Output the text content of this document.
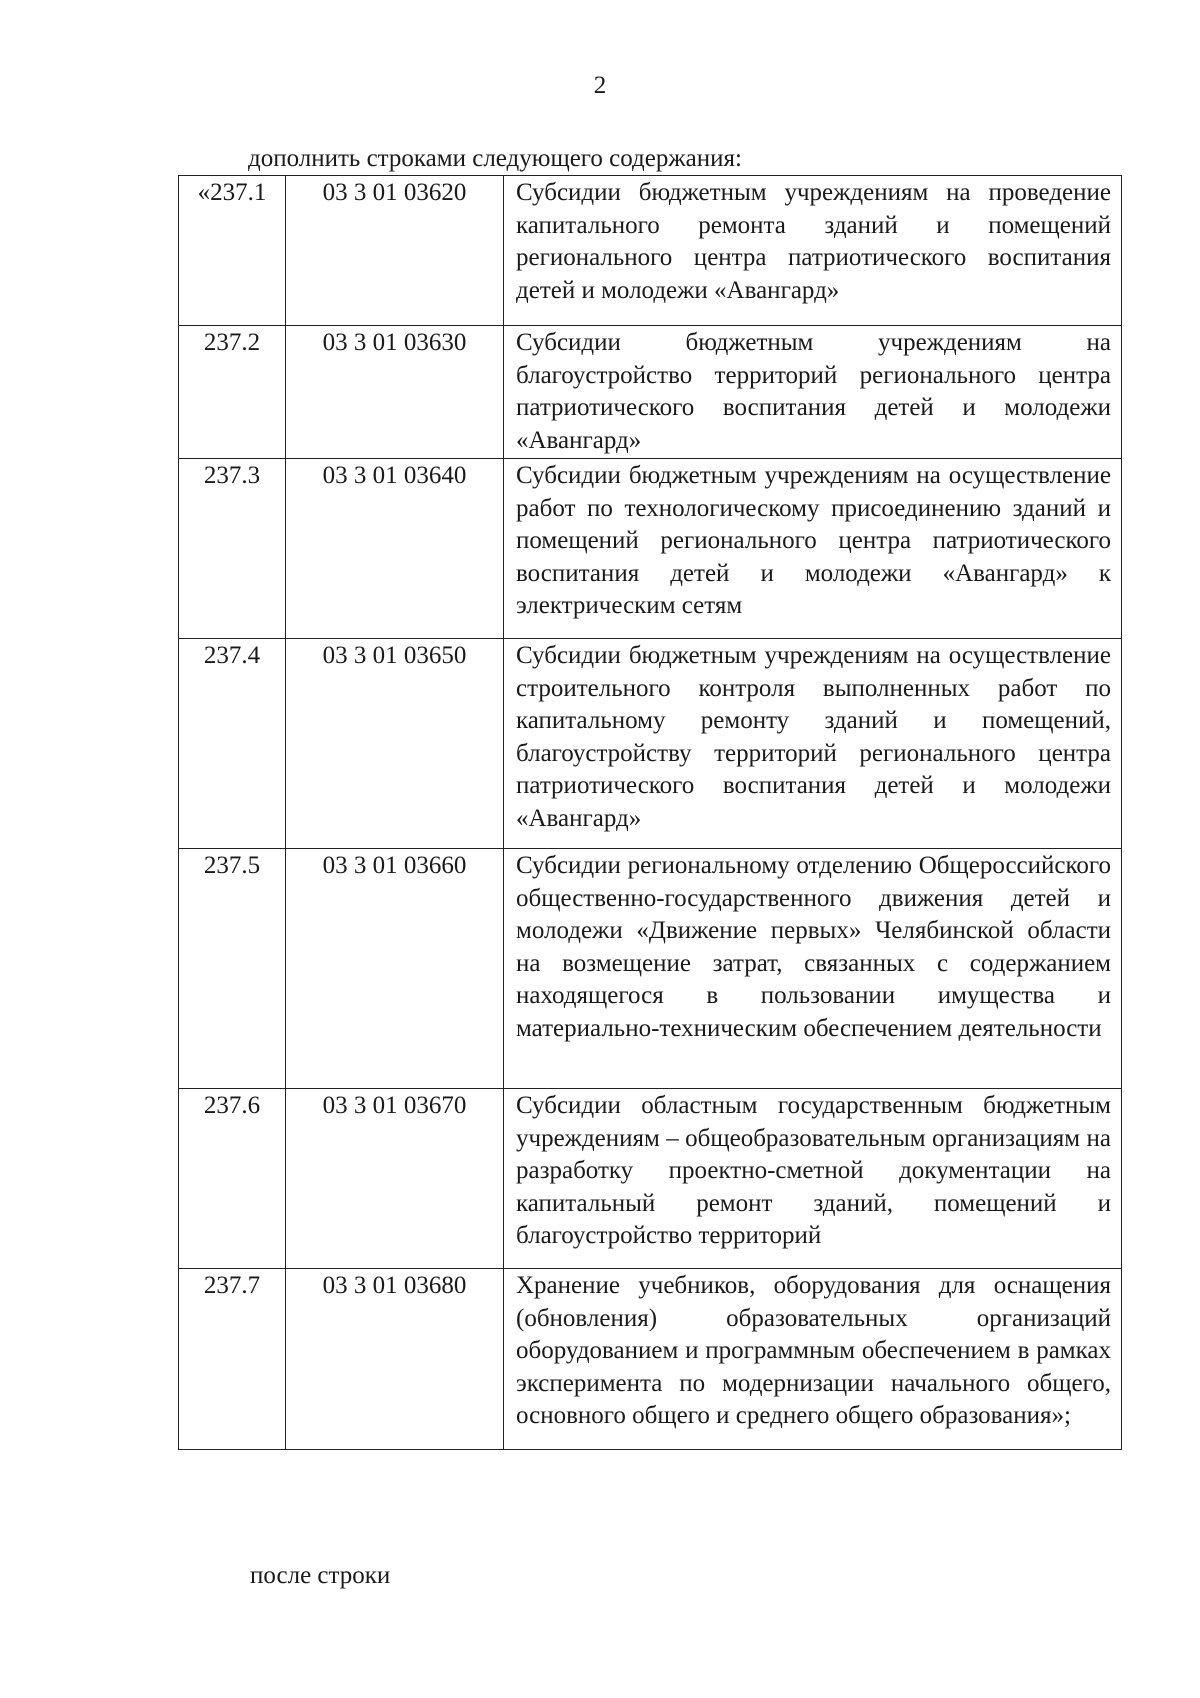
2
дополнить строками следующего содержания:
«237.1	03 3 01 03620	Субсидии бюджетным учреждениям на проведение капитального ремонта зданий и помещений регионального центра патриотического воспитания детей и молодежи «Авангард»
237.2	03 3 01 03630	Субсидии бюджетным учреждениям на благоустройство территорий регионального центра патриотического воспитания детей и молодежи «Авангард»
237.3	03 3 01 03640	Субсидии бюджетным учреждениям на осуществление работ по технологическому присоединению зданий и помещений регионального центра патриотического воспитания детей и молодежи «Авангард» к электрическим сетям
237.4	03 3 01 03650	Субсидии бюджетным учреждениям на осуществление строительного контроля выполненных работ по капитальному ремонту зданий и помещений, благоустройству территорий регионального центра патриотического воспитания детей и молодежи «Авангард»
237.5	03 3 01 03660	Субсидии региональному отделению Общероссийского общественно-государственного движения детей и молодежи «Движение первых» Челябинской области на возмещение затрат, связанных с содержанием находящегося в пользовании имущества и материально-техническим обеспечением деятельности
237.6	03 3 01 03670	Субсидии областным государственным бюджетным учреждениям – общеобразовательным организациям на разработку проектно-сметной документации на капитальный ремонт зданий, помещений и благоустройство территорий
237.7	03 3 01 03680	Хранение учебников, оборудования для оснащения (обновления) образовательных организаций оборудованием и программным обеспечением в рамках эксперимента по модернизации начального общего, основного общего и среднего общего образования»;
после строки
